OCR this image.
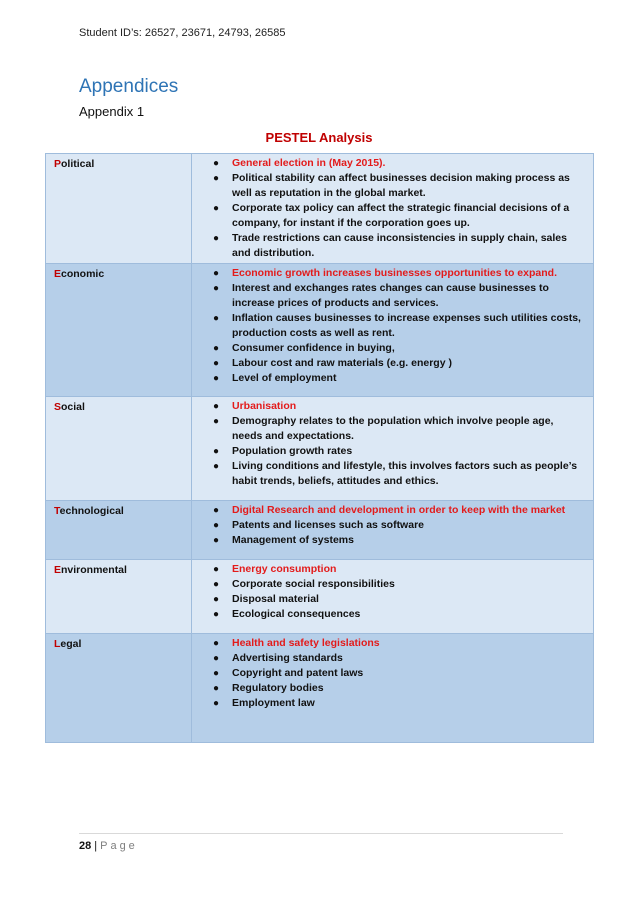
Student ID’s: 26527, 23671, 24793, 26585
Appendices
Appendix 1
PESTEL Analysis
Political	●	General election in (May 2015).
●	Political stability can affect businesses decision making process as well as reputation in the global market.
●	Corporate tax policy can affect the strategic financial decisions of a company, for instant if the corporation goes up.
●	Trade restrictions can cause inconsistencies in supply chain, sales and distribution.
Economic	●	Economic growth increases businesses opportunities to expand.
●	Interest and exchanges rates changes can cause businesses to increase prices of products and services.
●	Inflation causes businesses to increase expenses such utilities costs, production costs as well as rent.
●	Consumer confidence in buying,
●	Labour cost and raw materials (e.g. energy )
●	Level of employment
Social	●	Urbanisation
●	Demography relates to the population which involve people age, needs and expectations.
●	Population growth rates
●	Living conditions and lifestyle, this involves factors such as people’s habit trends, beliefs, attitudes and ethics.
Technological	●	Digital Research and development in order to keep with the market
●	Patents and licenses such as software
●	Management of systems
Environmental	●	Energy consumption
●	Corporate social responsibilities
●	Disposal material
●	Ecological consequences
Legal	●	Health and safety legislations
●	Advertising standards
●	Copyright and patent laws
●	Regulatory bodies
●	Employment law
28 | Page
